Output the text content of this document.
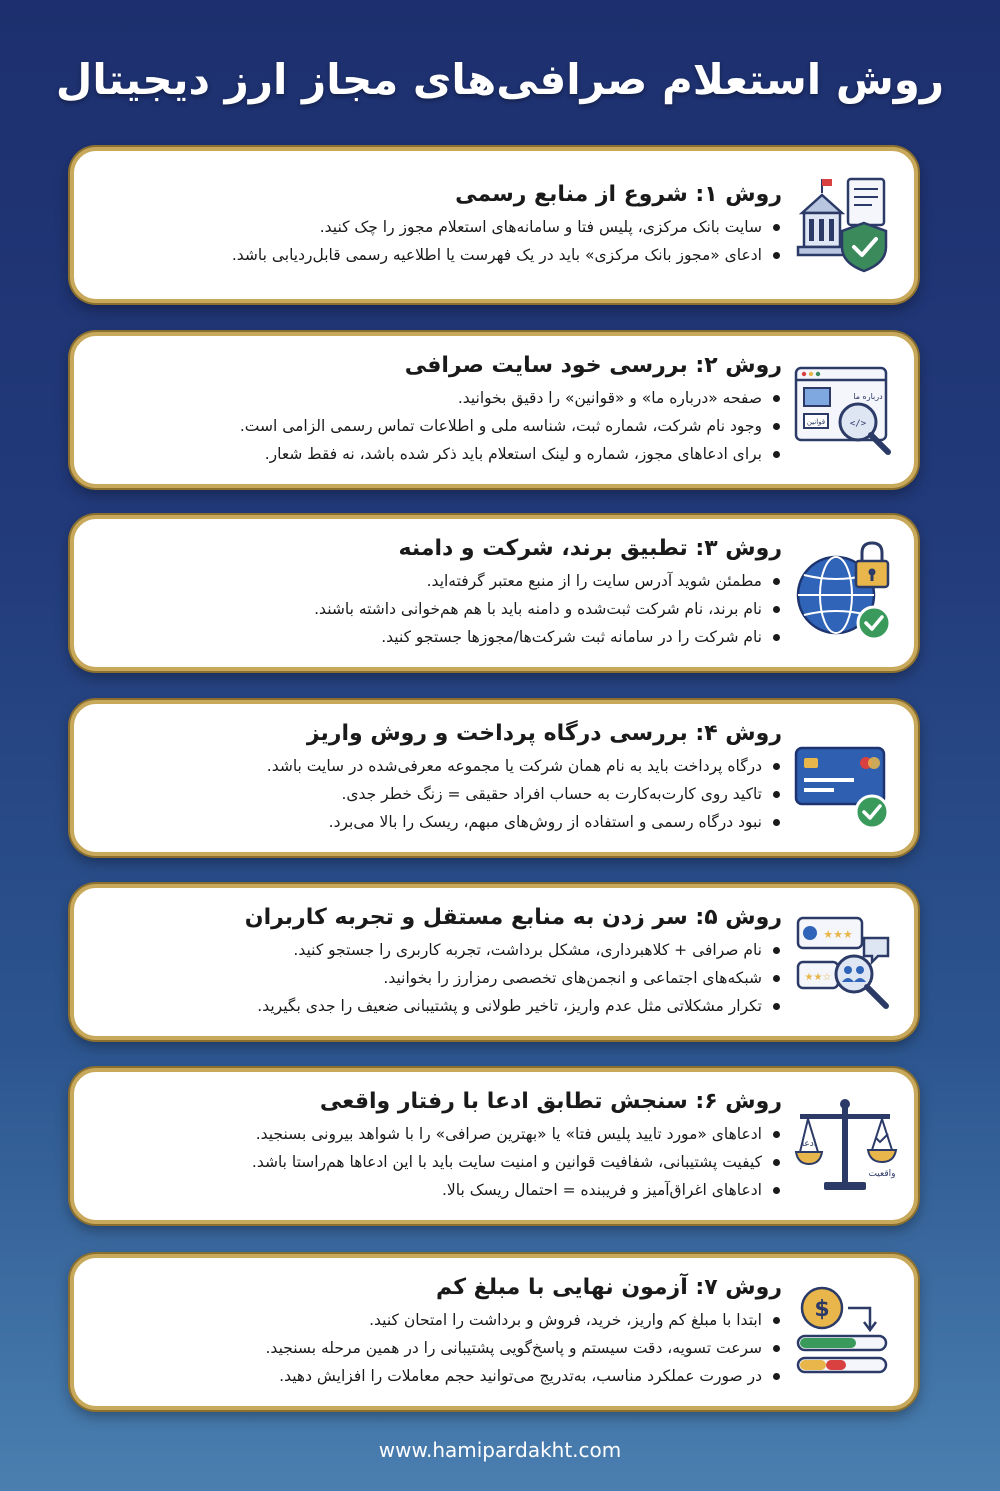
روش استعلام صرافی‌های مجاز ارز دیجیتال
روش ۱: شروع از منابع رسمی
سایت بانک مرکزی، پلیس فتا و سامانه‌های استعلام مجوز را چک کنید.
ادعای «مجوز بانک مرکزی» باید در یک فهرست یا اطلاعیه رسمی قابل‌ردیابی باشد.
درباره ما
قوانین	</>
روش ۲: بررسی خود سایت صرافی
صفحه «درباره ما» و «قوانین» را دقیق بخوانید.
وجود نام شرکت، شماره ثبت، شناسه ملی و اطلاعات تماس رسمی الزامی است.
برای ادعاهای مجوز، شماره و لینک استعلام باید ذکر شده باشد، نه فقط شعار.
روش ۳: تطبیق برند، شرکت و دامنه
مطمئن شوید آدرس سایت را از منبع معتبر گرفته‌اید.
نام برند، نام شرکت ثبت‌شده و دامنه باید با هم هم‌خوانی داشته باشند.
نام شرکت را در سامانه ثبت شرکت‌ها/مجوزها جستجو کنید.
روش ۴: بررسی درگاه پرداخت و روش واریز
درگاه پرداخت باید به نام همان شرکت یا مجموعه معرفی‌شده در سایت باشد.
تاکید روی کارت‌به‌کارت به حساب افراد حقیقی = زنگ خطر جدی.
نبود درگاه رسمی و استفاده از روش‌های مبهم، ریسک را بالا می‌برد.
★★★
★★☆
روش ۵: سر زدن به منابع مستقل و تجربه کاربران
نام صرافی + کلاهبرداری، مشکل برداشت، تجربه کاربری را جستجو کنید.
شبکه‌های اجتماعی و انجمن‌های تخصصی رمزارز را بخوانید.
تکرار مشکلاتی مثل عدم واریز، تاخیر طولانی و پشتیبانی ضعیف را جدی بگیرید.
ادعا
واقعیت
روش ۶: سنجش تطابق ادعا با رفتار واقعی
ادعاهای «مورد تایید پلیس فتا» یا «بهترین صرافی» را با شواهد بیرونی بسنجید.
کیفیت پشتیبانی، شفافیت قوانین و امنیت سایت باید با این ادعاها هم‌راستا باشد.
ادعاهای اغراق‌آمیز و فریبنده = احتمال ریسک بالا.
$
روش ۷: آزمون نهایی با مبلغ کم
ابتدا با مبلغ کم واریز، خرید، فروش و برداشت را امتحان کنید.
سرعت تسویه، دقت سیستم و پاسخ‌گویی پشتیبانی را در همین مرحله بسنجید.
در صورت عملکرد مناسب، به‌تدریج می‌توانید حجم معاملات را افزایش دهید.
www.hamipardakht.com
